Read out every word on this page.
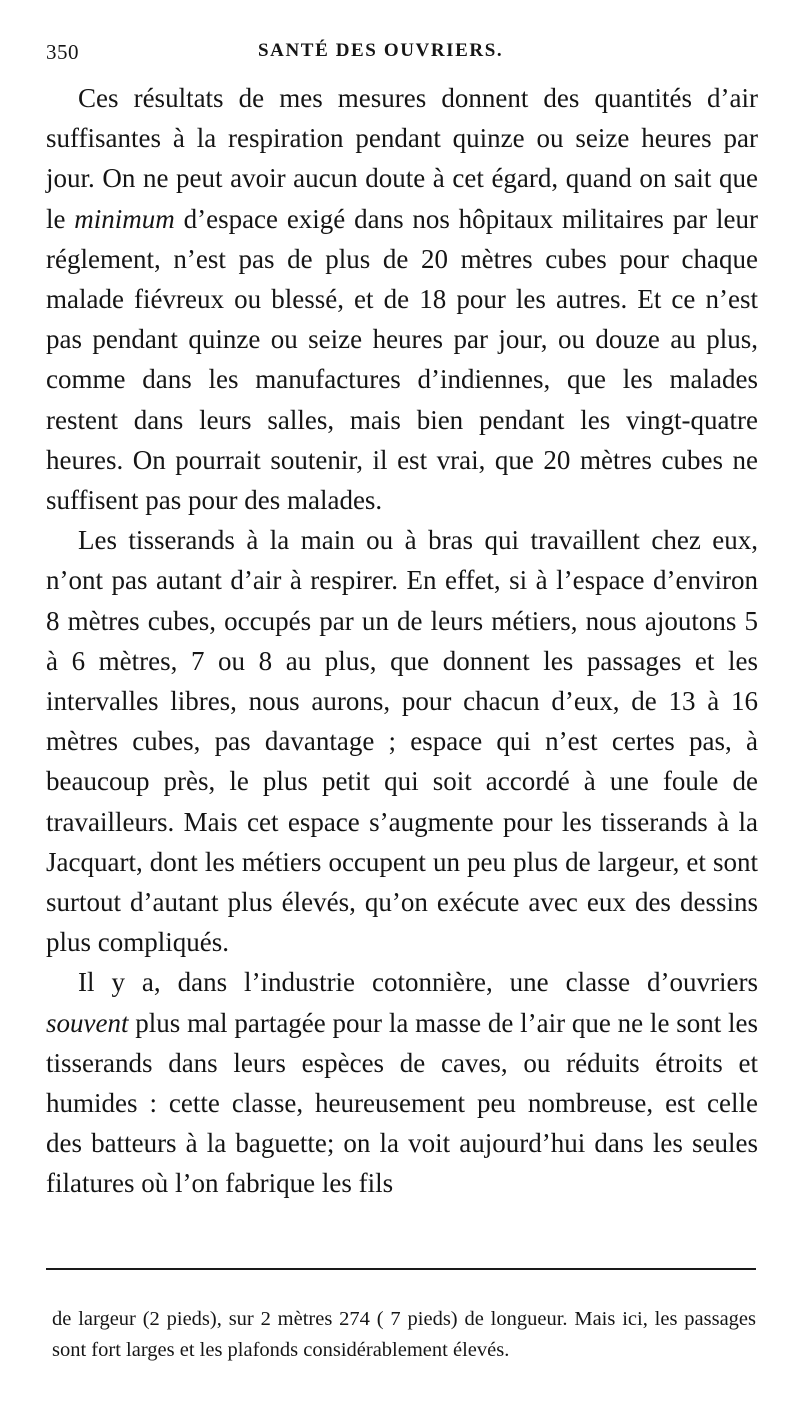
350	SANTÉ DES OUVRIERS.

Ces résultats de mes mesures donnent des quantités d’air suffisantes à la respiration pendant quinze ou seize heures par jour. On ne peut avoir aucun doute à cet égard, quand on sait que le minimum d’espace exigé dans nos hôpitaux militaires par leur réglement, n’est pas de plus de 20 mètres cubes pour chaque malade fiévreux ou blessé, et de 18 pour les autres. Et ce n’est pas pendant quinze ou seize heures par jour, ou douze au plus, comme dans les manufactures d’indiennes, que les malades restent dans leurs salles, mais bien pendant les vingt-quatre heures. On pourrait soutenir, il est vrai, que 20 mètres cubes ne suffisent pas pour des malades.

Les tisserands à la main ou à bras qui travaillent chez eux, n’ont pas autant d’air à respirer. En effet, si à l’espace d’environ 8 mètres cubes, occupés par un de leurs métiers, nous ajoutons 5 à 6 mètres, 7 ou 8 au plus, que donnent les passages et les intervalles libres, nous aurons, pour chacun d’eux, de 13 à 16 mètres cubes, pas davantage ; espace qui n’est certes pas, à beaucoup près, le plus petit qui soit accordé à une foule de travailleurs. Mais cet espace s’augmente pour les tisserands à la Jacquart, dont les métiers occupent un peu plus de largeur, et sont surtout d’autant plus élevés, qu’on exécute avec eux des dessins plus compliqués.

Il y a, dans l’industrie cotonnière, une classe d’ouvriers souvent plus mal partagée pour la masse de l’air que ne le sont les tisserands dans leurs espèces de caves, ou réduits étroits et humides : cette classe, heureusement peu nombreuse, est celle des batteurs à la baguette; on la voit aujourd’hui dans les seules filatures où l’on fabrique les fils

de largeur (2 pieds), sur 2 mètres 274 ( 7 pieds) de longueur. Mais ici, les passages sont fort larges et les plafonds considérablement élevés.
